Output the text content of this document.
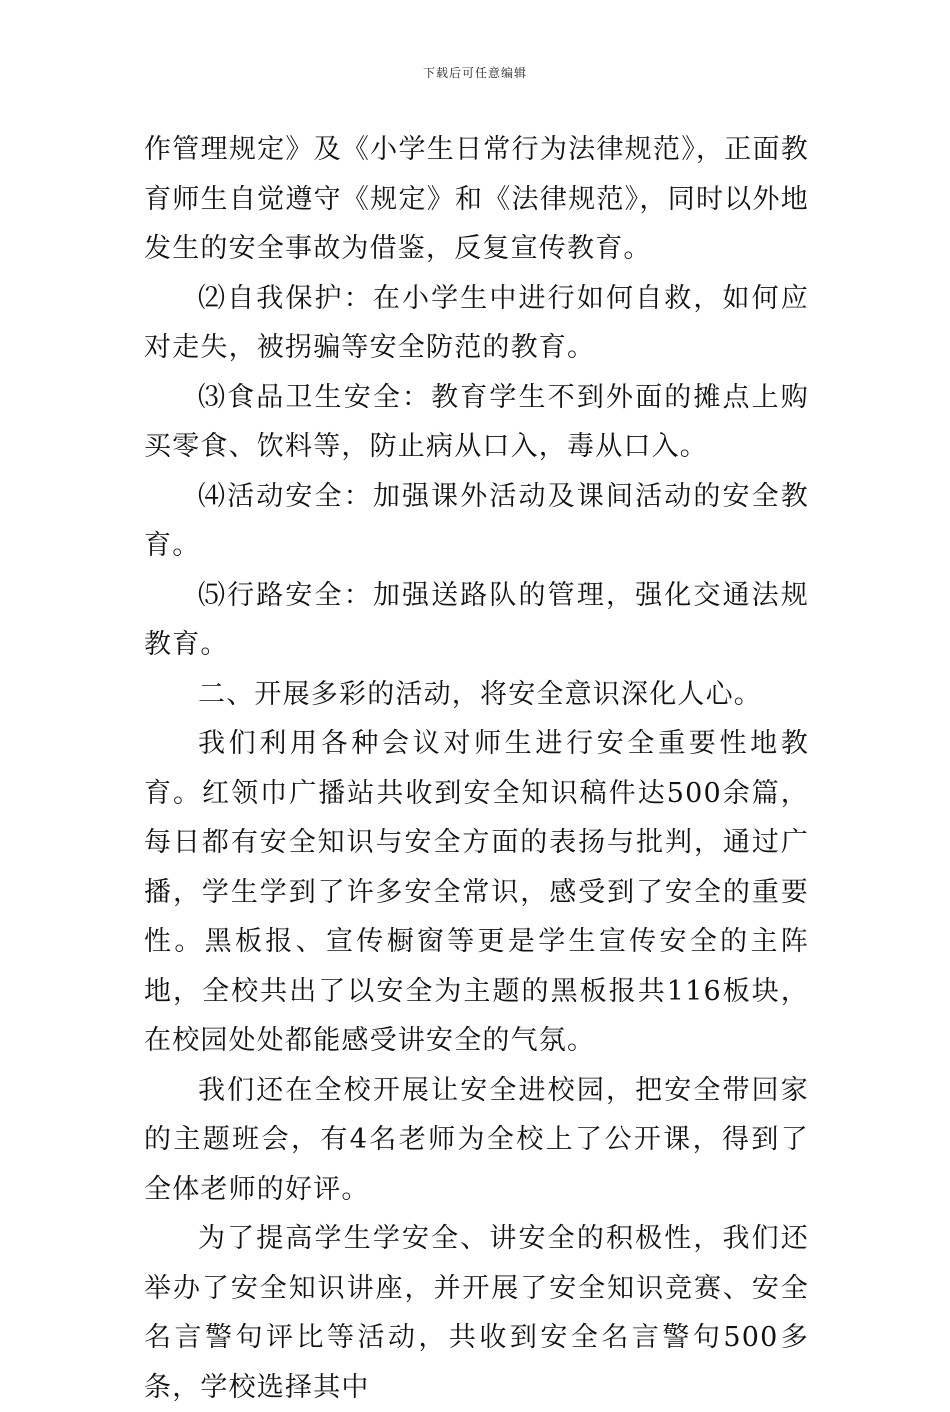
下载后可任意编辑

作管理规定》及《小学生日常行为法律规范》，正面教育师生自觉遵守《规定》和《法律规范》，同时以外地发生的安全事故为借鉴，反复宣传教育。

⑵自我保护：在小学生中进行如何自救，如何应对走失，被拐骗等安全防范的教育。

⑶食品卫生安全：教育学生不到外面的摊点上购买零食、饮料等，防止病从口入，毒从口入。

⑷活动安全：加强课外活动及课间活动的安全教育。

⑸行路安全：加强送路队的管理，强化交通法规教育。

二、开展多彩的活动，将安全意识深化人心。

我们利用各种会议对师生进行安全重要性地教育。红领巾广播站共收到安全知识稿件达500余篇，每日都有安全知识与安全方面的表扬与批判，通过广播，学生学到了许多安全常识，感受到了安全的重要性。黑板报、宣传橱窗等更是学生宣传安全的主阵地，全校共出了以安全为主题的黑板报共116板块，在校园处处都能感受讲安全的气氛。

我们还在全校开展让安全进校园，把安全带回家的主题班会，有4名老师为全校上了公开课，得到了全体老师的好评。

为了提高学生学安全、讲安全的积极性，我们还举办了安全知识讲座，并开展了安全知识竞赛、安全名言警句评比等活动，共收到安全名言警句500多条，学校选择其中
